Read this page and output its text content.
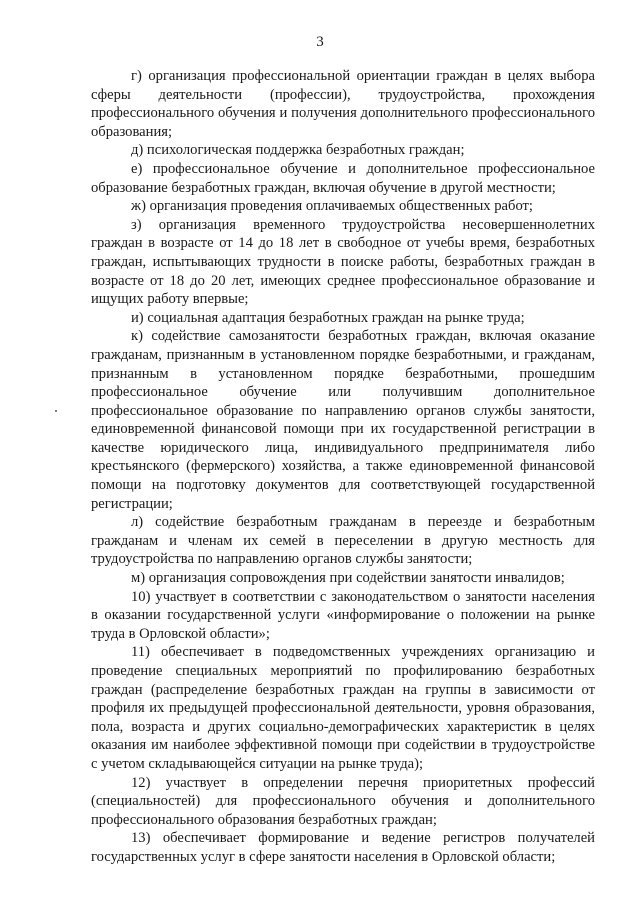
3

г) организация профессиональной ориентации граждан в целях выбора сферы деятельности (профессии), трудоустройства, прохождения профессионального обучения и получения дополнительного профессионального образования;

д) психологическая поддержка безработных граждан;

е) профессиональное обучение и дополнительное профессиональное образование безработных граждан, включая обучение в другой местности;

ж) организация проведения оплачиваемых общественных работ;

з) организация временного трудоустройства несовершеннолетних граждан в возрасте от 14 до 18 лет в свободное от учебы время, безработных граждан, испытывающих трудности в поиске работы, безработных граждан в возрасте от 18 до 20 лет, имеющих среднее профессиональное образование и ищущих работу впервые;

и) социальная адаптация безработных граждан на рынке труда;

к) содействие самозанятости безработных граждан, включая оказание гражданам, признанным в установленном порядке безработными, и гражданам, признанным в установленном порядке безработными, прошедшим профессиональное обучение или получившим дополнительное профессиональное образование по направлению органов службы занятости, единовременной финансовой помощи при их государственной регистрации в качестве юридического лица, индивидуального предпринимателя либо крестьянского (фермерского) хозяйства, а также единовременной финансовой помощи на подготовку документов для соответствующей государственной регистрации;

л) содействие безработным гражданам в переезде и безработным гражданам и членам их семей в переселении в другую местность для трудоустройства по направлению органов службы занятости;

м) организация сопровождения при содействии занятости инвалидов;

10) участвует в соответствии с законодательством о занятости населения в оказании государственной услуги «информирование о положении на рынке труда в Орловской области»;

11) обеспечивает в подведомственных учреждениях организацию и проведение специальных мероприятий по профилированию безработных граждан (распределение безработных граждан на группы в зависимости от профиля их предыдущей профессиональной деятельности, уровня образования, пола, возраста и других социально-демографических характеристик в целях оказания им наиболее эффективной помощи при содействии в трудоустройстве с учетом складывающейся ситуации на рынке труда);

12) участвует в определении перечня приоритетных профессий (специальностей) для профессионального обучения и дополнительного профессионального образования безработных граждан;

13) обеспечивает формирование и ведение регистров получателей государственных услуг в сфере занятости населения в Орловской области;
